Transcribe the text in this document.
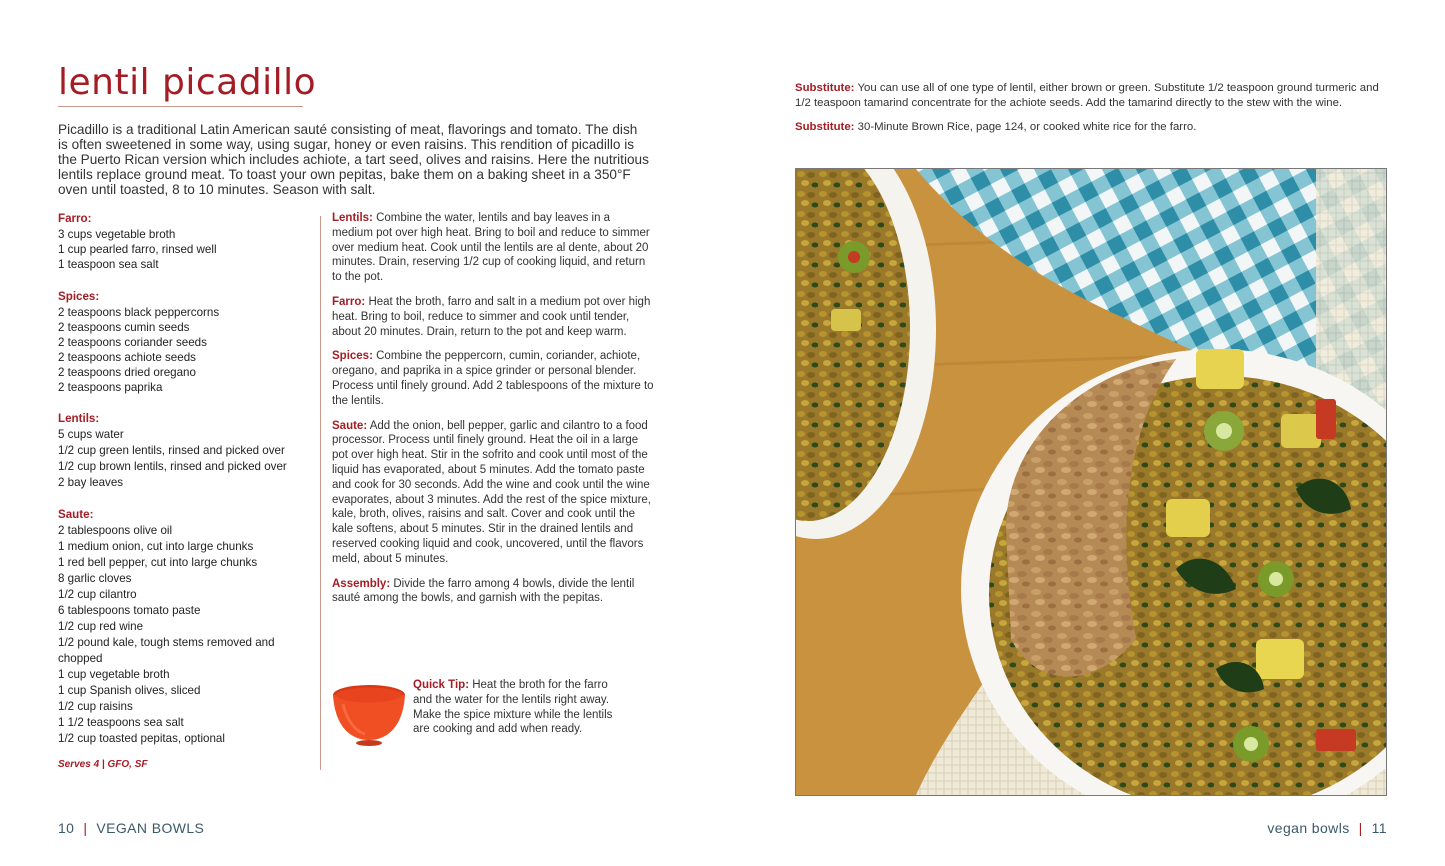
lentil picadillo

Picadillo is a traditional Latin American sauté consisting of meat, flavorings and tomato. The dish is often sweetened in some way, using sugar, honey or even raisins. This rendition of picadillo is the Puerto Rican version which includes achiote, a tart seed, olives and raisins. Here the nutritious lentils replace ground meat. To toast your own pepitas, bake them on a baking sheet in a 350°F oven until toasted, 8 to 10 minutes. Season with salt.

Farro:
3 cups vegetable broth
1 cup pearled farro, rinsed well
1 teaspoon sea salt
Spices:
2 teaspoons black peppercorns
2 teaspoons cumin seeds
2 teaspoons coriander seeds
2 teaspoons achiote seeds
2 teaspoons dried oregano
2 teaspoons paprika
Lentils:
5 cups water
1/2 cup green lentils, rinsed and picked over
1/2 cup brown lentils, rinsed and picked over
2 bay leaves
Saute:
2 tablespoons olive oil
1 medium onion, cut into large chunks
1 red bell pepper, cut into large chunks
8 garlic cloves
1/2 cup cilantro
6 tablespoons tomato paste
1/2 cup red wine
1/2 pound kale, tough stems removed and chopped
1 cup vegetable broth
1 cup Spanish olives, sliced
1/2 cup raisins
1 1/2 teaspoons sea salt
1/2 cup toasted pepitas, optional
Serves 4 | GFO, SF

Lentils: Combine the water, lentils and bay leaves in a medium pot over high heat. Bring to boil and reduce to simmer over medium heat. Cook until the lentils are al dente, about 20 minutes. Drain, reserving 1/2 cup of cooking liquid, and return to the pot.

Farro: Heat the broth, farro and salt in a medium pot over high heat. Bring to boil, reduce to simmer and cook until tender, about 20 minutes. Drain, return to the pot and keep warm.

Spices: Combine the peppercorn, cumin, coriander, achiote, oregano, and paprika in a spice grinder or personal blender. Process until finely ground. Add 2 tablespoons of the mixture to the lentils.

Saute: Add the onion, bell pepper, garlic and cilantro to a food processor. Process until finely ground. Heat the oil in a large pot over high heat. Stir in the sofrito and cook until most of the liquid has evaporated, about 5 minutes. Add the tomato paste and cook for 30 seconds. Add the wine and cook until the wine evaporates, about 3 minutes. Add the rest of the spice mixture, kale, broth, olives, raisins and salt. Cover and cook until the kale softens, about 5 minutes. Stir in the drained lentils and reserved cooking liquid and cook, uncovered, until the flavors meld, about 5 minutes.

Assembly: Divide the farro among 4 bowls, divide the lentil sauté among the bowls, and garnish with the pepitas.

Quick Tip: Heat the broth for the farro and the water for the lentils right away. Make the spice mixture while the lentils are cooking and add when ready.
10 | VEGAN BOWLS

Substitute: You can use all of one type of lentil, either brown or green. Substitute 1/2 teaspoon ground turmeric and 1/2 teaspoon tamarind concentrate for the achiote seeds. Add the tamarind directly to the stew with the wine.

Substitute: 30-Minute Brown Rice, page 124, or cooked white rice for the farro.

vegan bowls | 11
